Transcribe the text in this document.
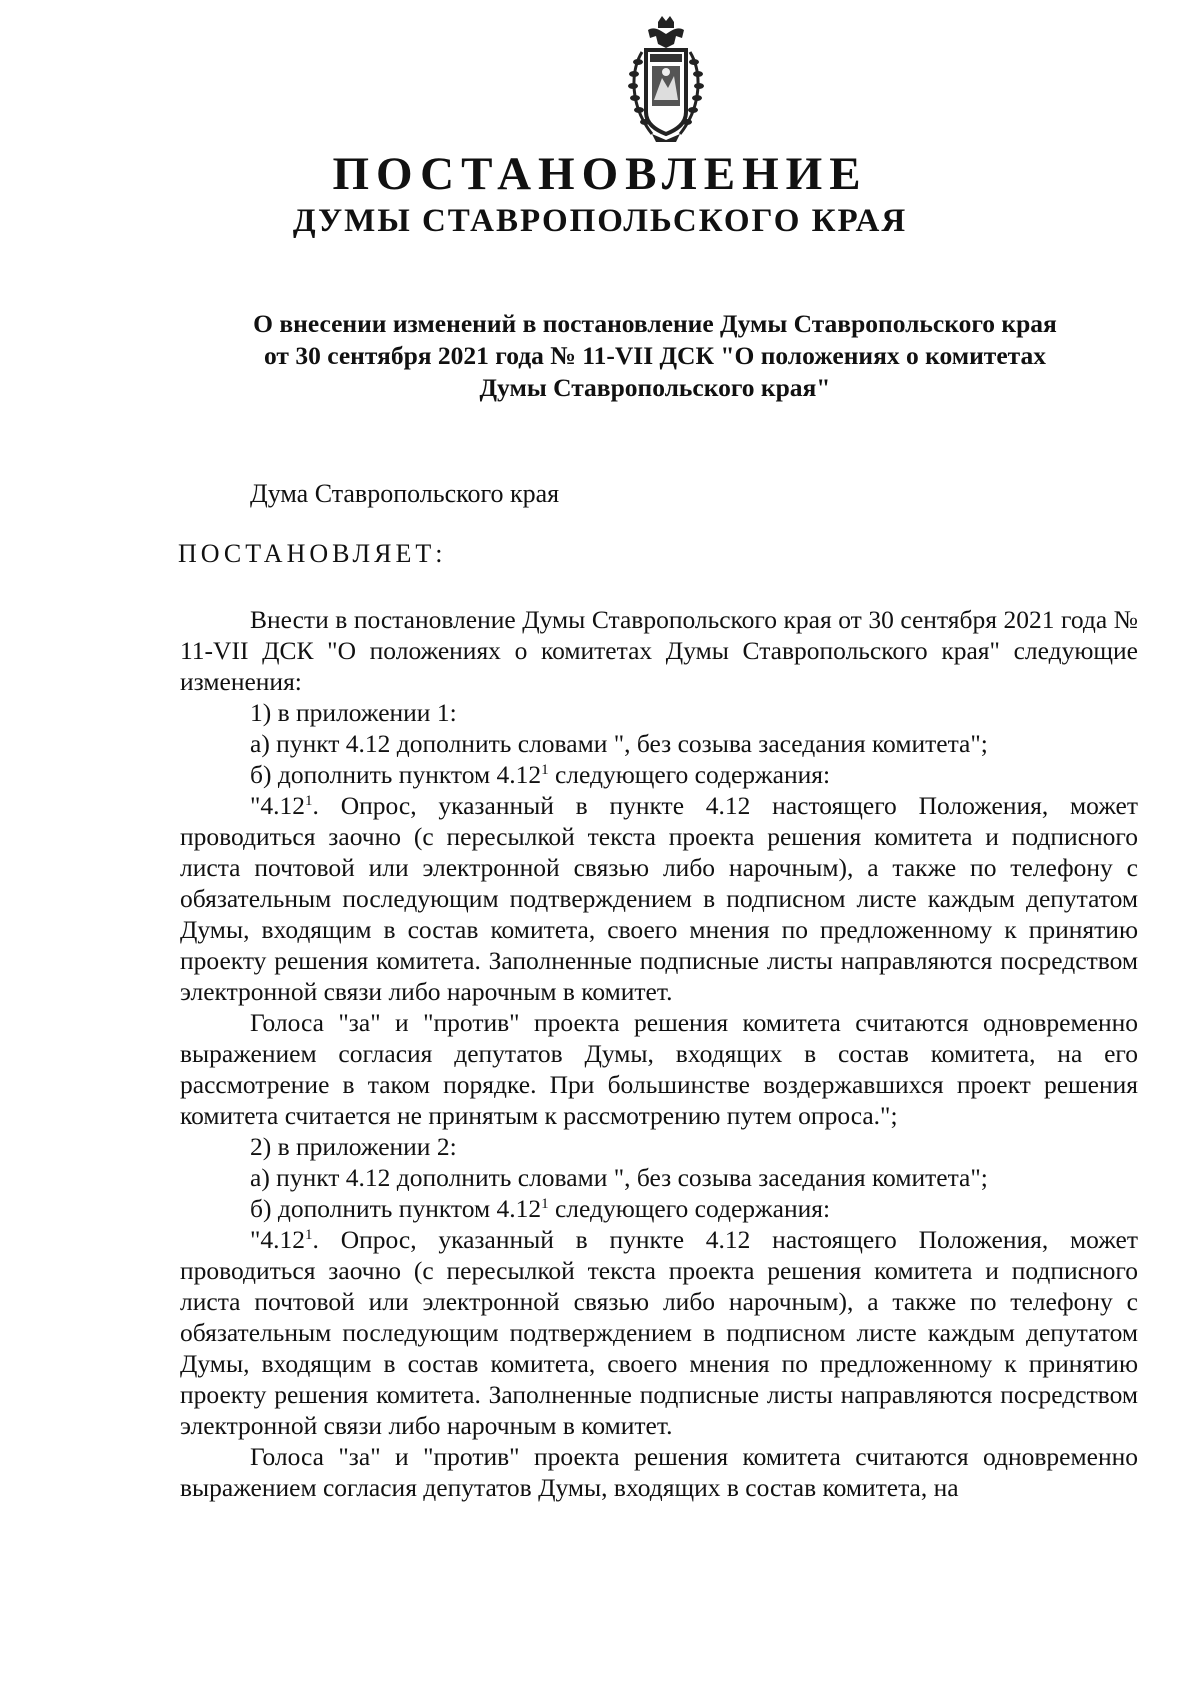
ПОСТАНОВЛЕНИЕ
ДУМЫ СТАВРОПОЛЬСКОГО КРАЯ
О внесении изменений в постановление Думы Ставропольского края
от 30 сентября 2021 года № 11-VII ДСК "О положениях о комитетах
Думы Ставропольского края"
Дума Ставропольского края
ПОСТАНОВЛЯЕТ:

Внести в постановление Думы Ставропольского края от 30 сентября 2021 года № 11-VII ДСК "О положениях о комитетах Думы Ставропольского края" следующие изменения:

1) в приложении 1:

а) пункт 4.12 дополнить словами ", без созыва заседания комитета";

б) дополнить пунктом 4.12$^1$ следующего содержания:

"4.12$^1$. Опрос, указанный в пункте 4.12 настоящего Положения, может проводиться заочно (с пересылкой текста проекта решения комитета и подписного листа почтовой или электронной связью либо нарочным), а также по телефону с обязательным последующим подтверждением в подписном листе каждым депутатом Думы, входящим в состав комитета, своего мнения по предложенному к принятию проекту решения комитета. Заполненные подписные листы направляются посредством электронной связи либо нарочным в комитет.

Голоса "за" и "против" проекта решения комитета считаются одновременно выражением согласия депутатов Думы, входящих в состав комитета, на его рассмотрение в таком порядке. При большинстве воздержавшихся проект решения комитета считается не принятым к рассмотрению путем опроса.";

2) в приложении 2:

а) пункт 4.12 дополнить словами ", без созыва заседания комитета";

б) дополнить пунктом 4.12$^1$ следующего содержания:

"4.12$^1$. Опрос, указанный в пункте 4.12 настоящего Положения, может проводиться заочно (с пересылкой текста проекта решения комитета и подписного листа почтовой или электронной связью либо нарочным), а также по телефону с обязательным последующим подтверждением в подписном листе каждым депутатом Думы, входящим в состав комитета, своего мнения по предложенному к принятию проекту решения комитета. Заполненные подписные листы направляются посредством электронной связи либо нарочным в комитет.

Голоса "за" и "против" проекта решения комитета считаются одновременно выражением согласия депутатов Думы, входящих в состав комитета, на
